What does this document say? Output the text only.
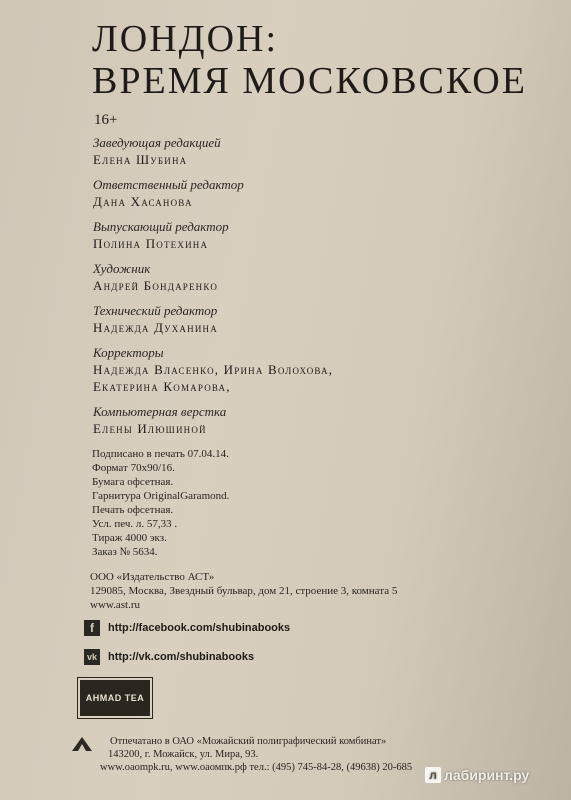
ЛОНДОН:
ВРЕМЯ МОСКОВСКОЕ
16+
Заведующая редакцией
Елена Шубина
Ответственный редактор
Дана Хасанова
Выпускающий редактор
Полина Потехина
Художник
Андрей Бондаренко
Технический редактор
Надежда Духанина
Корректоры
Надежда Власенко, Ирина Волохова,
Екатерина Комарова,
Компьютерная верстка
Елены Илюшиной
Подписано в печать 07.04.14.
Формат 70x90/16.
Бумага офсетная.
Гарнитура OriginalGaramond.
Печать офсетная.
Усл. печ. л. 57,33 .
Тираж 4000 экз.
Заказ № 5634.
ООО «Издательство АСТ»
129085, Москва, Звездный бульвар, дом 21, строение 3, комната 5
www.ast.ru
f	http://facebook.com/shubinabooks
vk http://vk.com/shubinabooks
AHMAD TEA
Отпечатано в ОАО «Можайский полиграфический комбинат»
143200, г. Можайск, ул. Мира, 93.
www.oaompk.ru, www.оаомпк.рф тел.: (495) 745-84-28, (49638) 20-685
л лабиринт.ру
